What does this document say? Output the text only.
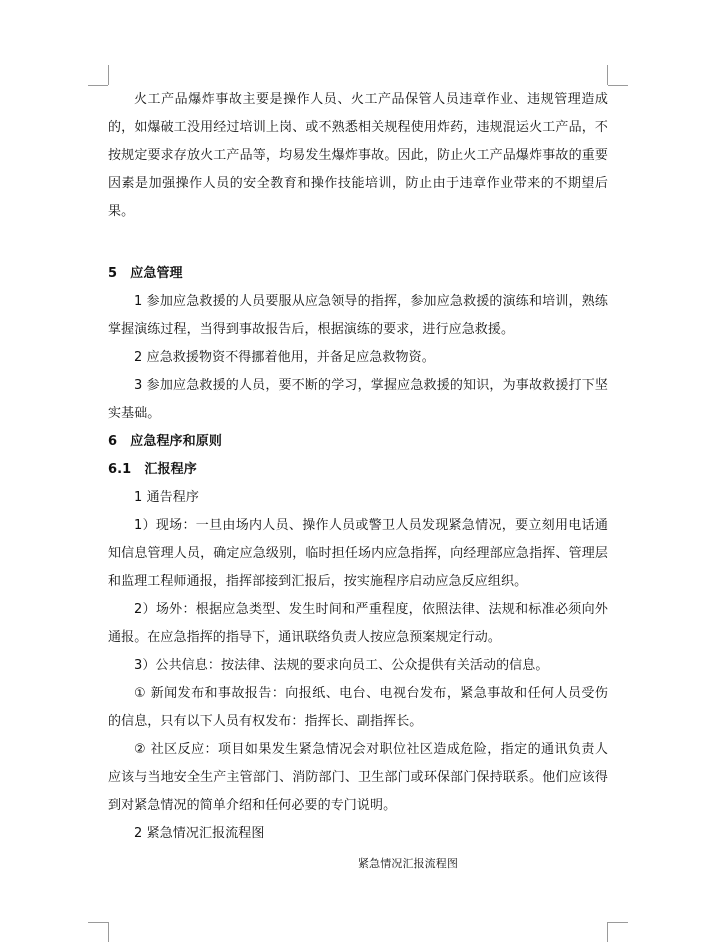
火工产品爆炸事故主要是操作人员、火工产品保管人员违章作业、违规管理造成的，如爆破工没用经过培训上岗、或不熟悉相关规程使用炸药，违规混运火工产品，不按规定要求存放火工产品等，均易发生爆炸事故。因此，防止火工产品爆炸事故的重要因素是加强操作人员的安全教育和操作技能培训，防止由于违章作业带来的不期望后果。

5　应急管理

1 参加应急救援的人员要服从应急领导的指挥，参加应急救援的演练和培训，熟练掌握演练过程，当得到事故报告后，根据演练的要求，进行应急救援。

2 应急救援物资不得挪着他用，并备足应急救物资。

3 参加应急救援的人员，要不断的学习，掌握应急救援的知识，为事故救援打下坚实基础。

6　应急程序和原则

6.1　汇报程序

1 通告程序

1）现场：一旦由场内人员、操作人员或警卫人员发现紧急情况，要立刻用电话通知信息管理人员，确定应急级别，临时担任场内应急指挥，向经理部应急指挥、管理层和监理工程师通报，指挥部接到汇报后，按实施程序启动应急反应组织。

2）场外：根据应急类型、发生时间和严重程度，依照法律、法规和标准必须向外通报。在应急指挥的指导下，通讯联络负责人按应急预案规定行动。

3）公共信息：按法律、法规的要求向员工、公众提供有关活动的信息。

① 新闻发布和事故报告：向报纸、电台、电视台发布，紧急事故和任何人员受伤的信息，只有以下人员有权发布：指挥长、副指挥长。

② 社区反应：项目如果发生紧急情况会对职位社区造成危险，指定的通讯负责人应该与当地安全生产主管部门、消防部门、卫生部门或环保部门保持联系。他们应该得到对紧急情况的简单介绍和任何必要的专门说明。

2 紧急情况汇报流程图

紧急情况汇报流程图
